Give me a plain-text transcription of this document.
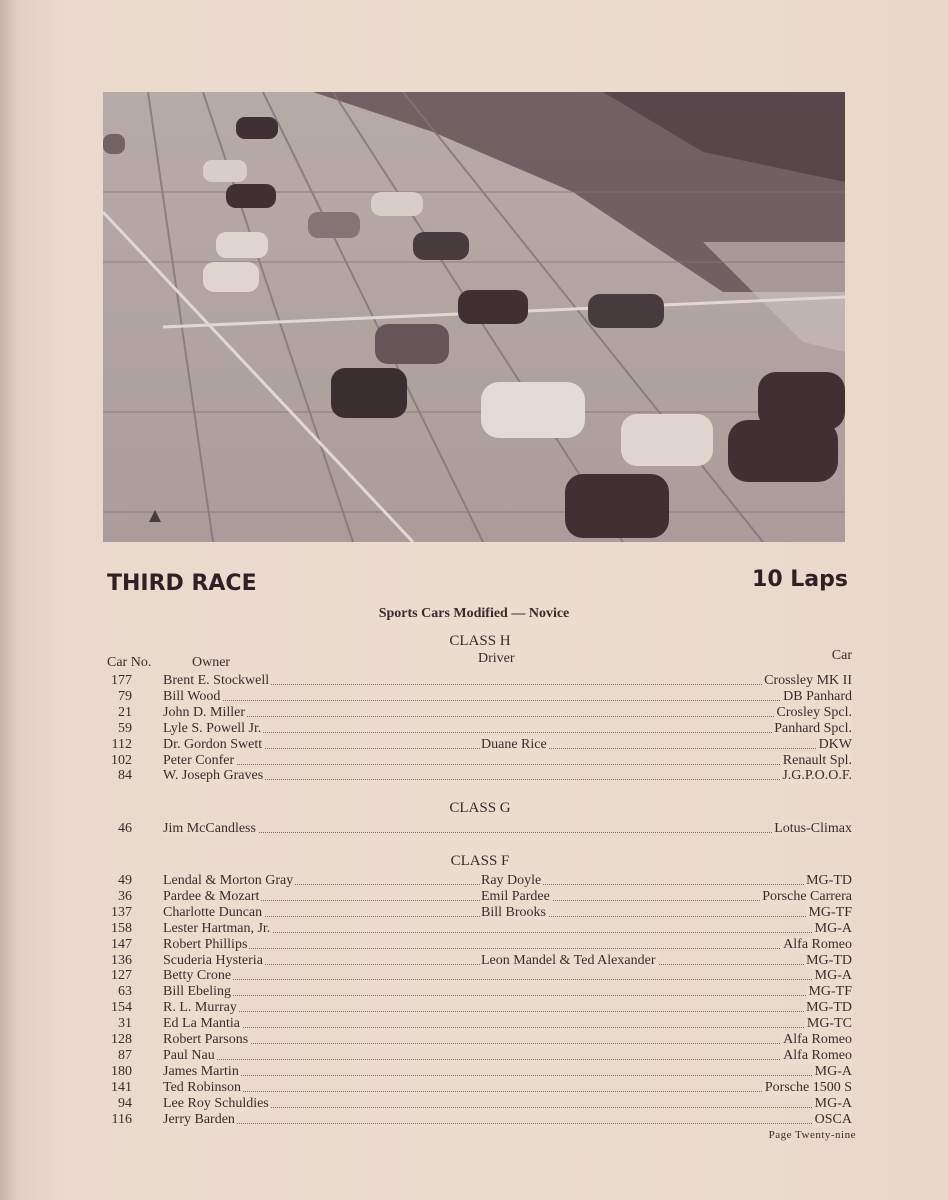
THIRD RACE	10 Laps
Sports Cars Modified — Novice
CLASS H
Car No.	Owner	Driver	Car
CLASS G
CLASS F
177 Brent E. Stockwell	Crossley MK II
79 Bill Wood	DB Panhard
21 John D. Miller	Crosley Spcl.
59 Lyle S. Powell Jr.	Panhard Spcl.
112 Dr. Gordon Swett	Duane Rice	DKW
102 Peter Confer	Renault Spl.
84 W. Joseph Graves	J.G.P.O.O.F.
46 Jim McCandless	Lotus-Climax
49 Lendal & Morton Gray	Ray Doyle	MG-TD
36 Pardee & Mozart	Emil Pardee	Porsche Carrera
137 Charlotte Duncan	Bill Brooks	MG-TF
158 Lester Hartman, Jr.	MG-A
147 Robert Phillips	Alfa Romeo
136 Scuderia Hysteria	Leon Mandel & Ted Alexander	MG-TD
127 Betty Crone	MG-A
63 Bill Ebeling	MG-TF
154 R. L. Murray	MG-TD
31 Ed La Mantia	MG-TC
128 Robert Parsons	Alfa Romeo
87 Paul Nau	Alfa Romeo
180 James Martin	MG-A
141 Ted Robinson	Porsche 1500 S
94 Lee Roy Schuldies	MG-A
116 Jerry Barden	OSCA
Page Twenty-nine
